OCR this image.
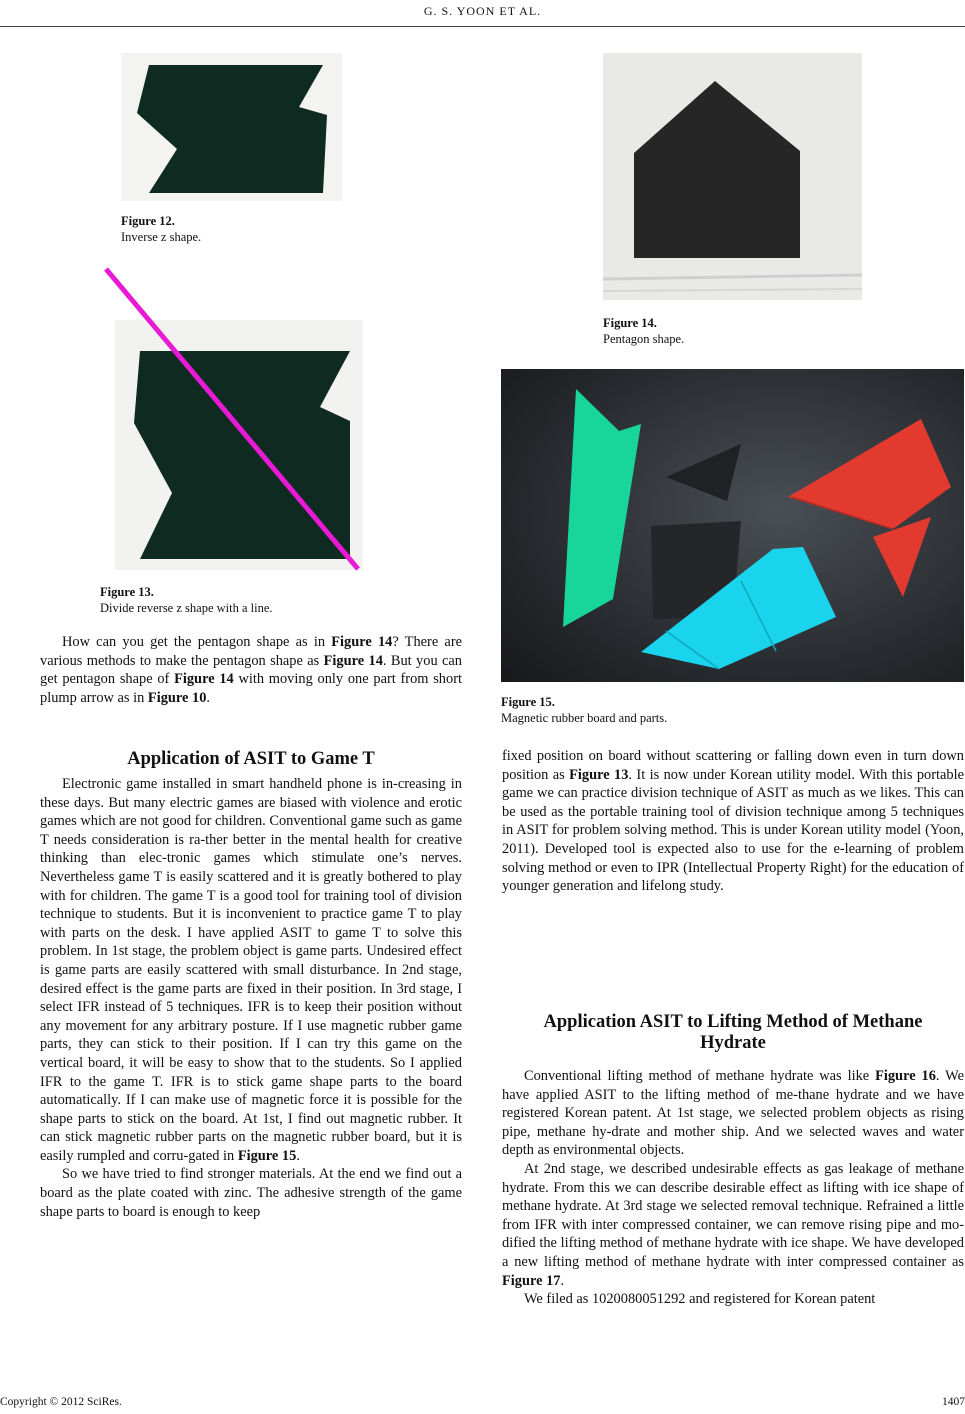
G. S. YOON ET AL.
Figure 12.
Inverse z shape.
Figure 13.
Divide reverse z shape with a line.
Figure 14.
Pentagon shape.
Figure 15.
Magnetic rubber board and parts.

How can you get the pentagon shape as in Figure 14? There are various methods to make the pentagon shape as Figure 14. But you can get pentagon shape of Figure 14 with moving only one part from short plump arrow as in Figure 10.

Application of ASIT to Game T

Electronic game installed in smart handheld phone is in-creasing in these days. But many electric games are biased with violence and erotic games which are not good for children. Conventional game such as game T needs consideration is ra-ther better in the mental health for creative thinking than elec-tronic games which stimulate one’s nerves. Nevertheless game T is easily scattered and it is greatly bothered to play with for children. The game T is a good tool for training tool of division technique to students. But it is inconvenient to practice game T to play with parts on the desk. I have applied ASIT to game T to solve this problem. In 1st stage, the problem object is game parts. Undesired effect is game parts are easily scattered with small disturbance. In 2nd stage, desired effect is the game parts are fixed in their position. In 3rd stage, I select IFR instead of 5 techniques. IFR is to keep their position without any movement for any arbitrary posture. If I use magnetic rubber game parts, they can stick to their position. If I can try this game on the vertical board, it will be easy to show that to the students. So I applied IFR to the game T. IFR is to stick game shape parts to the board automatically. If I can make use of magnetic force it is possible for the shape parts to stick on the board. At 1st, I find out magnetic rubber. It can stick magnetic rubber parts on the magnetic rubber board, but it is easily rumpled and corru-gated in Figure 15.

So we have tried to find stronger materials. At the end we find out a board as the plate coated with zinc. The adhesive strength of the game shape parts to board is enough to keep

fixed position on board without scattering or falling down even in turn down position as Figure 13. It is now under Korean utility model. With this portable game we can practice division technique of ASIT as much as we likes. This can be used as the portable training tool of division technique among 5 techniques in ASIT for problem solving method. This is under Korean utility model (Yoon, 2011). Developed tool is expected also to use for the e-learning of problem solving method or even to IPR (Intellectual Property Right) for the education of younger generation and lifelong study.

Application ASIT to Lifting Method of Methane
Hydrate

Conventional lifting method of methane hydrate was like Figure 16. We have applied ASIT to the lifting method of me-thane hydrate and we have registered Korean patent. At 1st stage, we selected problem objects as rising pipe, methane hy-drate and mother ship. And we selected waves and water depth as environmental objects.

At 2nd stage, we described undesirable effects as gas leakage of methane hydrate. From this we can describe desirable effect as lifting with ice shape of methane hydrate. At 3rd stage we selected removal technique. Refrained a little from IFR with inter compressed container, we can remove rising pipe and mo-dified the lifting method of methane hydrate with ice shape. We have developed a new lifting method of methane hydrate with inter compressed container as Figure 17.

We filed as 1020080051292 and registered for Korean patent

Copyright © 2012 SciRes.	1407
